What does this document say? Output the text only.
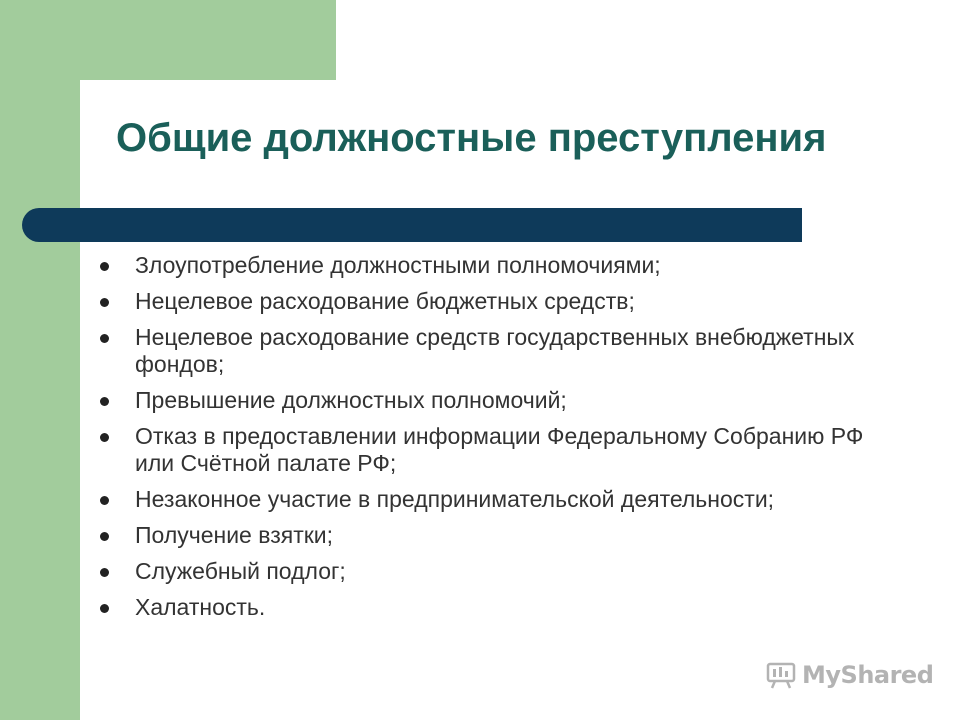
Общие должностные преступления
Злоупотребление должностными полномочиями;
Нецелевое расходование бюджетных средств;
Нецелевое расходование средств государственных внебюджетных фондов;
Превышение должностных полномочий;
Отказ в предоставлении информации Федеральному Собранию РФ или Счётной палате РФ;
Незаконное участие в предпринимательской деятельности;
Получение взятки;
Служебный подлог;
Халатность.
MyShared
